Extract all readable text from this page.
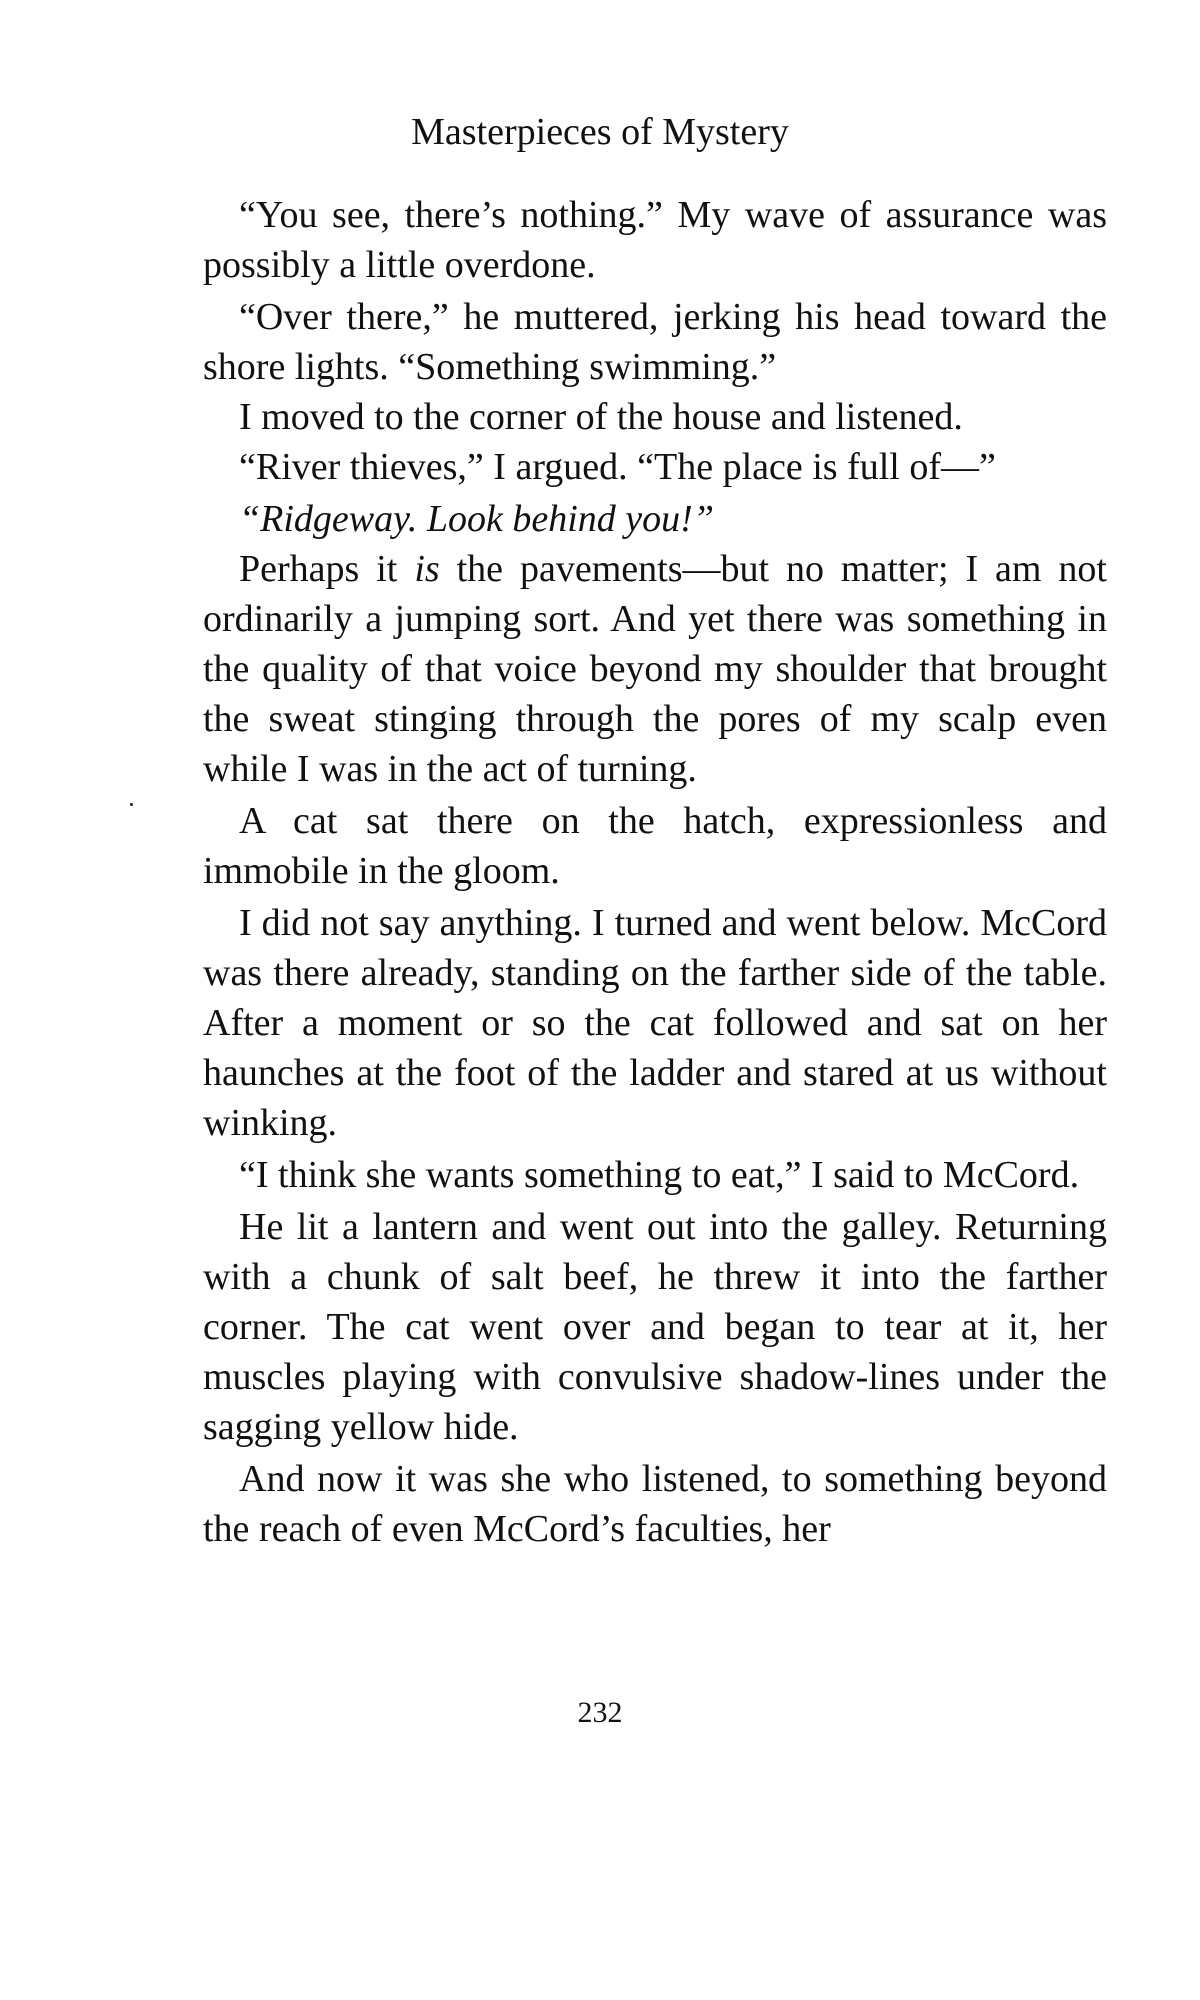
Masterpieces of Mystery

“You see, there’s nothing.” My wave of assurance was possibly a little overdone.

“Over there,” he muttered, jerking his head toward the shore lights. “Something swimming.”

I moved to the corner of the house and listened.

“River thieves,” I argued. “The place is full of—”

“Ridgeway. Look behind you!”

Perhaps it is the pavements—but no matter; I am not ordinarily a jumping sort. And yet there was something in the quality of that voice beyond my shoulder that brought the sweat stinging through the pores of my scalp even while I was in the act of turning.

A cat sat there on the hatch, expressionless and immobile in the gloom.

I did not say anything. I turned and went below. McCord was there already, standing on the farther side of the table. After a moment or so the cat followed and sat on her haunches at the foot of the ladder and stared at us without winking.

“I think she wants something to eat,” I said to McCord.

He lit a lantern and went out into the galley. Returning with a chunk of salt beef, he threw it into the farther corner. The cat went over and began to tear at it, her muscles playing with convulsive shadow-lines under the sagging yellow hide.

And now it was she who listened, to something beyond the reach of even McCord’s faculties, her

232
